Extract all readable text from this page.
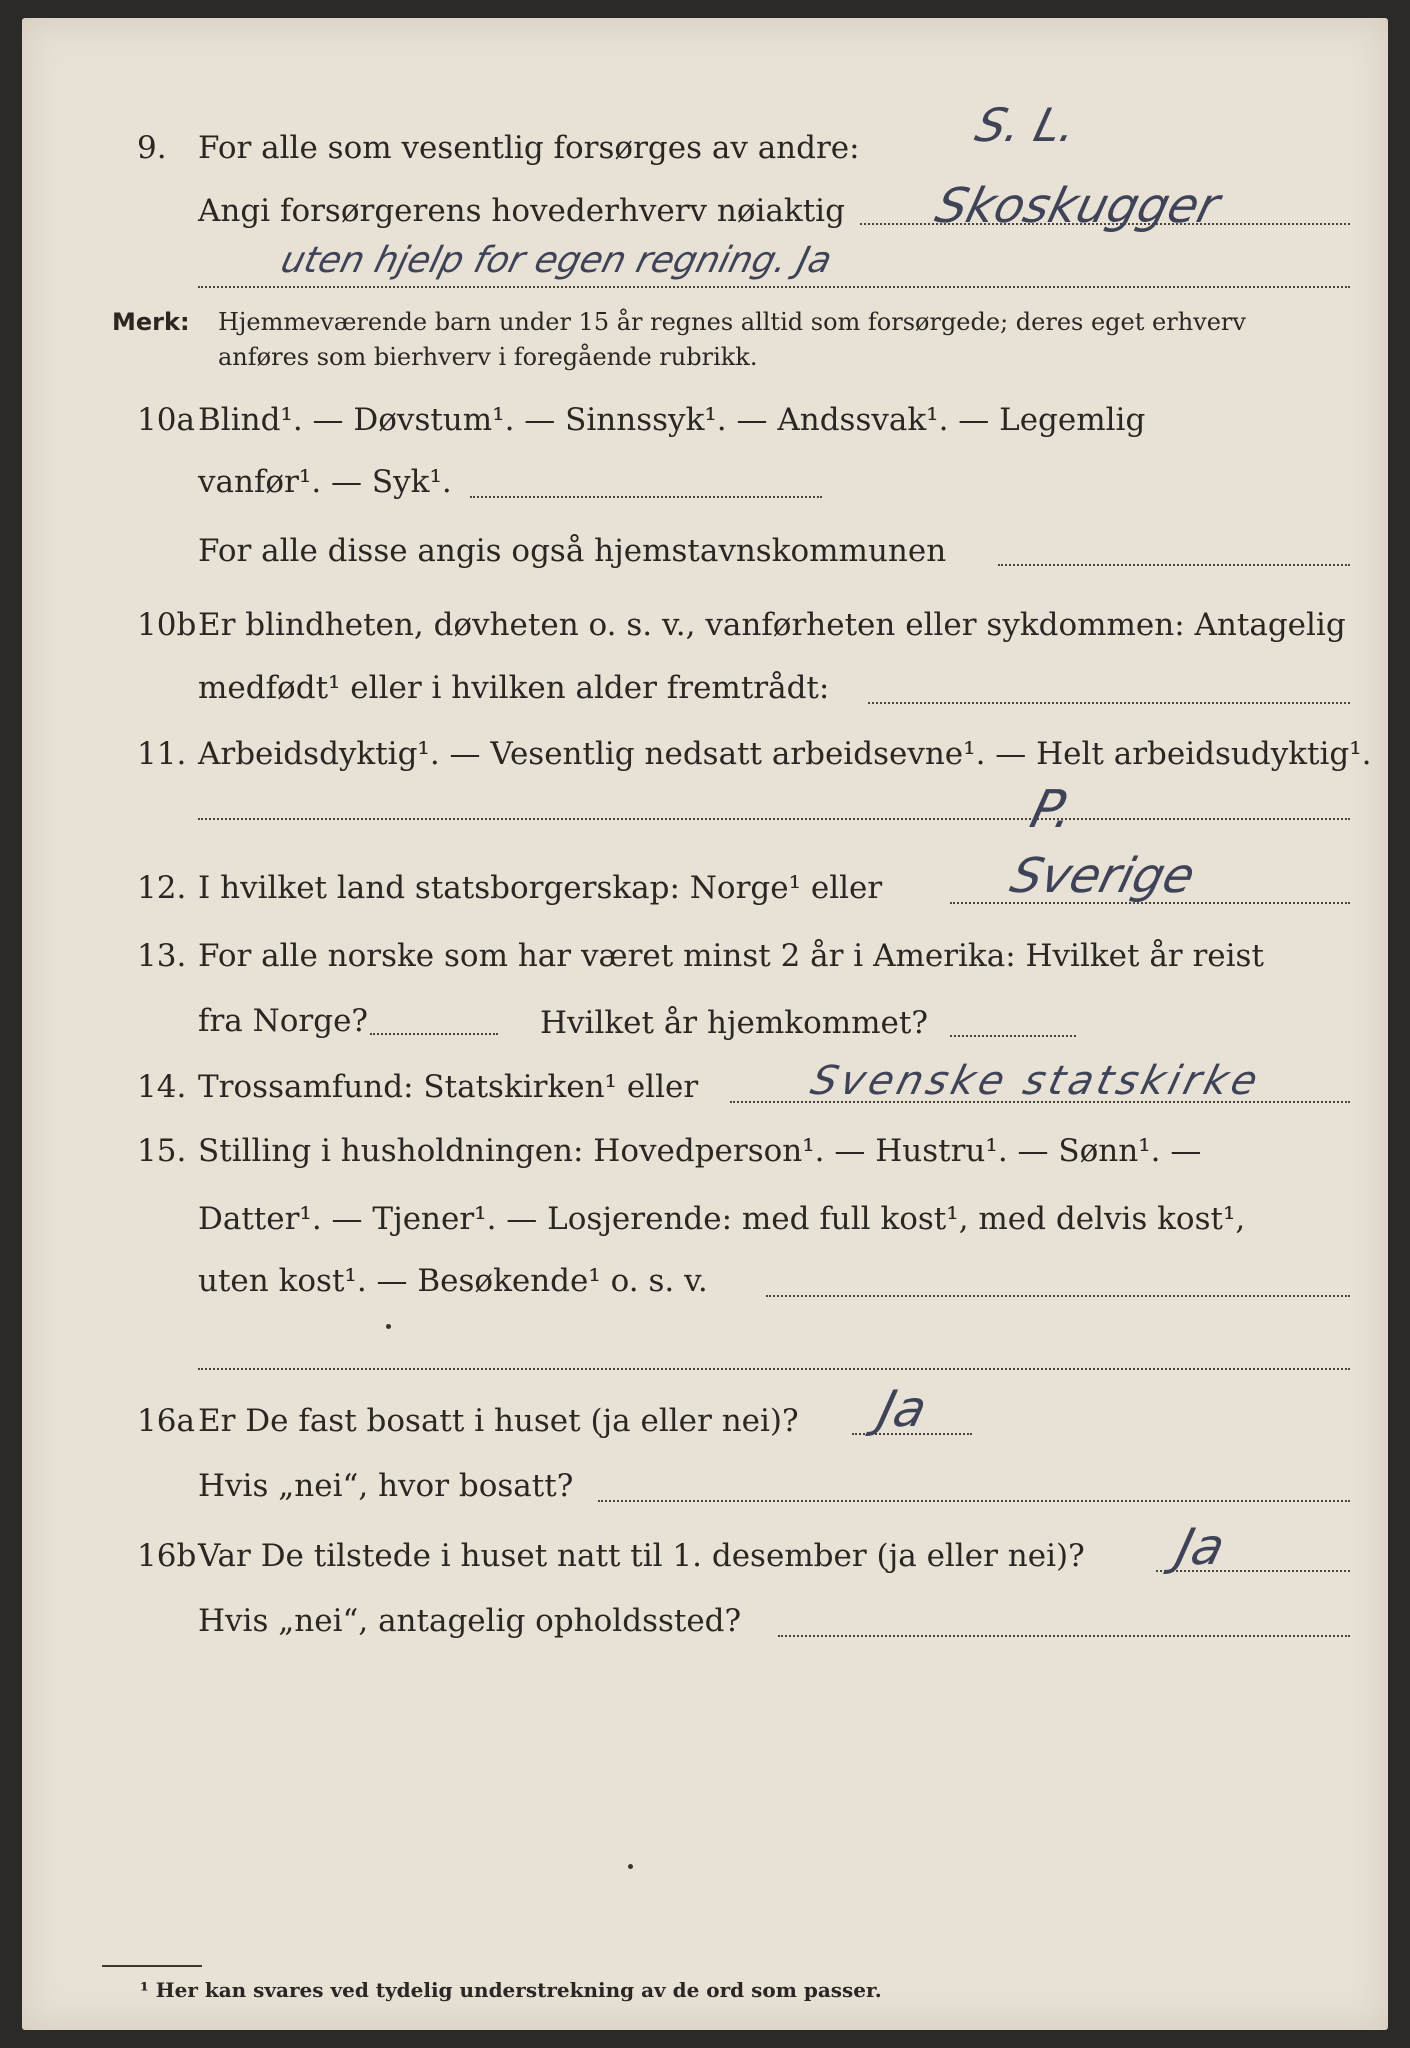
9. For alle som vesentlig forsørges av andre:
Angi forsørgerens hovederhverv nøiaktig
S. L.
Skoskugger
uten hjelp for egen regning. Ja
Merk: Hjemmeværende barn under 15 år regnes alltid som forsørgede; deres eget erhverv
anføres som bierhverv i foregående rubrikk.
10a Blind¹. — Døvstum¹. — Sinnssyk¹. — Andssvak¹. — Legemlig
vanfør¹. — Syk¹.
For alle disse angis også hjemstavnskommunen
10b Er blindheten, døvheten o. s. v., vanførheten eller sykdommen: Antagelig
medfødt¹ eller i hvilken alder fremtrådt:
11. Arbeidsdyktig¹. — Vesentlig nedsatt arbeidsevne¹. — Helt arbeidsudyktig¹.
P.
12. I hvilket land statsborgerskap: Norge¹ eller	Sverige
13. For alle norske som har været minst 2 år i Amerika: Hvilket år reist
fra Norge?	Hvilket år hjemkommet?
14. Trossamfund: Statskirken¹ eller	Svenske statskirke
15. Stilling i husholdningen: Hovedperson¹. — Hustru¹. — Sønn¹. —
Datter¹. — Tjener¹. — Losjerende: med full kost¹, med delvis kost¹,
uten kost¹. — Besøkende¹ o. s. v.
16a Er De fast bosatt i huset (ja eller nei)? Ja
Hvis „nei“, hvor bosatt?
16b Var De tilstede i huset natt til 1. desember (ja eller nei)? Ja
Hvis „nei“, antagelig opholdssted?
¹ Her kan svares ved tydelig understrekning av de ord som passer.
